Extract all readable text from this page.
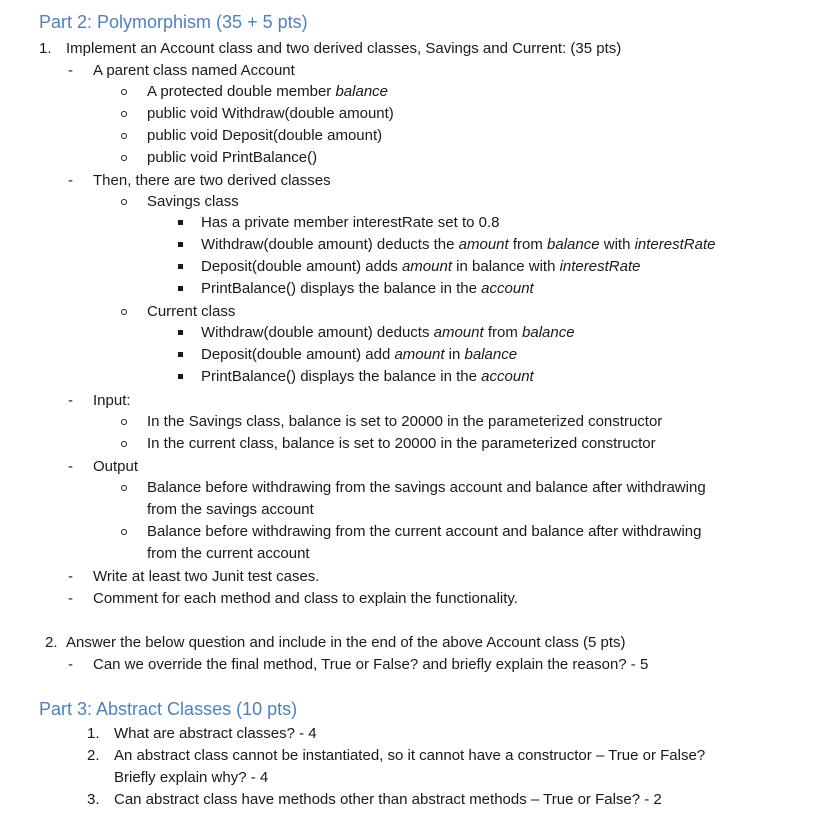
Part 2: Polymorphism (35 + 5 pts)
1. Implement an Account class and two derived classes, Savings and Current: (35 pts)
- A parent class named Account
A protected double member balance
public void Withdraw(double amount)
public void Deposit(double amount)
public void PrintBalance()
- Then, there are two derived classes
Savings class
Has a private member interestRate set to 0.8
Withdraw(double amount) deducts the amount from balance with interestRate
Deposit(double amount) adds amount in balance with interestRate
PrintBalance() displays the balance in the account
Current class
Withdraw(double amount) deducts amount from balance
Deposit(double amount) add amount in balance
PrintBalance() displays the balance in the account
- Input:
In the Savings class, balance is set to 20000 in the parameterized constructor
In the current class, balance is set to 20000 in the parameterized constructor
- Output
Balance before withdrawing from the savings account and balance after withdrawing
from the savings account
Balance before withdrawing from the current account and balance after withdrawing
from the current account
- Write at least two Junit test cases.
- Comment for each method and class to explain the functionality.
2. Answer the below question and include in the end of the above Account class (5 pts)
- Can we override the final method, True or False? and briefly explain the reason? - 5
Part 3: Abstract Classes (10 pts)
1. What are abstract classes? - 4
2. An abstract class cannot be instantiated, so it cannot have a constructor – True or False?
Briefly explain why? - 4
3. Can abstract class have methods other than abstract methods – True or False? - 2
